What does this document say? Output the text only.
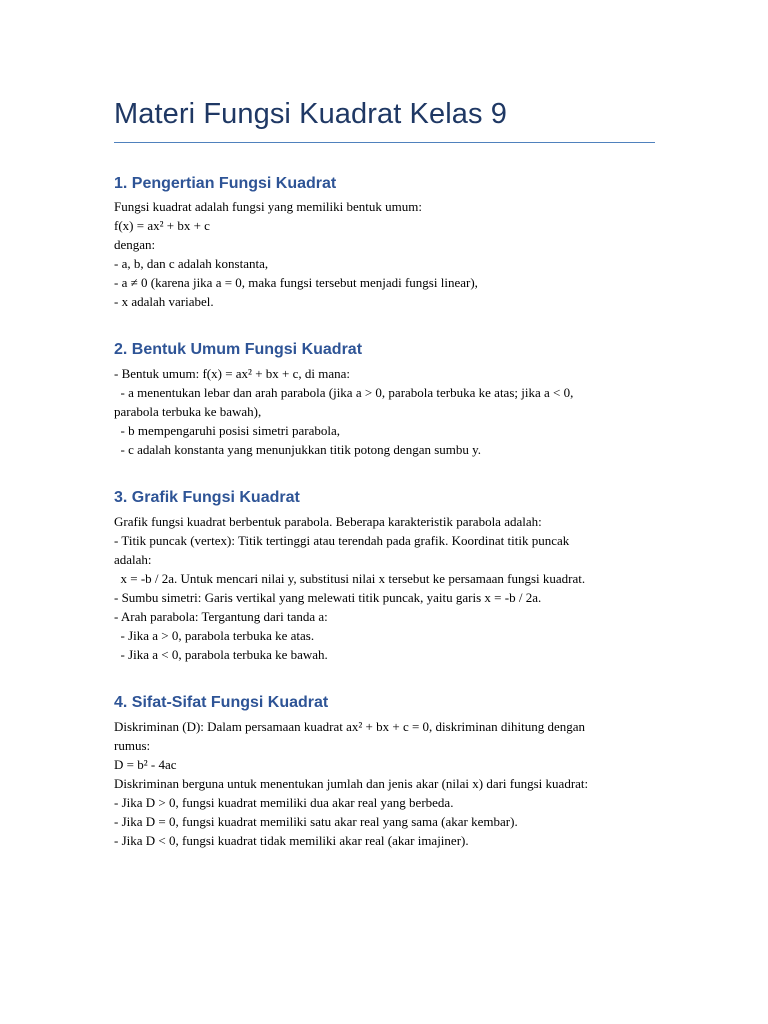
Materi Fungsi Kuadrat Kelas 9
1. Pengertian Fungsi Kuadrat

Fungsi kuadrat adalah fungsi yang memiliki bentuk umum:

f(x) = ax² + bx + c

dengan:

- a, b, dan c adalah konstanta,

- a ≠ 0 (karena jika a = 0, maka fungsi tersebut menjadi fungsi linear),

- x adalah variabel.

2. Bentuk Umum Fungsi Kuadrat

- Bentuk umum: f(x) = ax² + bx + c, di mana:

- a menentukan lebar dan arah parabola (jika a > 0, parabola terbuka ke atas; jika a < 0,

parabola terbuka ke bawah),

- b mempengaruhi posisi simetri parabola,

- c adalah konstanta yang menunjukkan titik potong dengan sumbu y.

3. Grafik Fungsi Kuadrat

Grafik fungsi kuadrat berbentuk parabola. Beberapa karakteristik parabola adalah:

- Titik puncak (vertex): Titik tertinggi atau terendah pada grafik. Koordinat titik puncak

adalah:

x = -b / 2a. Untuk mencari nilai y, substitusi nilai x tersebut ke persamaan fungsi kuadrat.

- Sumbu simetri: Garis vertikal yang melewati titik puncak, yaitu garis x = -b / 2a.

- Arah parabola: Tergantung dari tanda a:

- Jika a > 0, parabola terbuka ke atas.

- Jika a < 0, parabola terbuka ke bawah.

4. Sifat-Sifat Fungsi Kuadrat

Diskriminan (D): Dalam persamaan kuadrat ax² + bx + c = 0, diskriminan dihitung dengan

rumus:

D = b² - 4ac

Diskriminan berguna untuk menentukan jumlah dan jenis akar (nilai x) dari fungsi kuadrat:

- Jika D > 0, fungsi kuadrat memiliki dua akar real yang berbeda.

- Jika D = 0, fungsi kuadrat memiliki satu akar real yang sama (akar kembar).

- Jika D < 0, fungsi kuadrat tidak memiliki akar real (akar imajiner).
